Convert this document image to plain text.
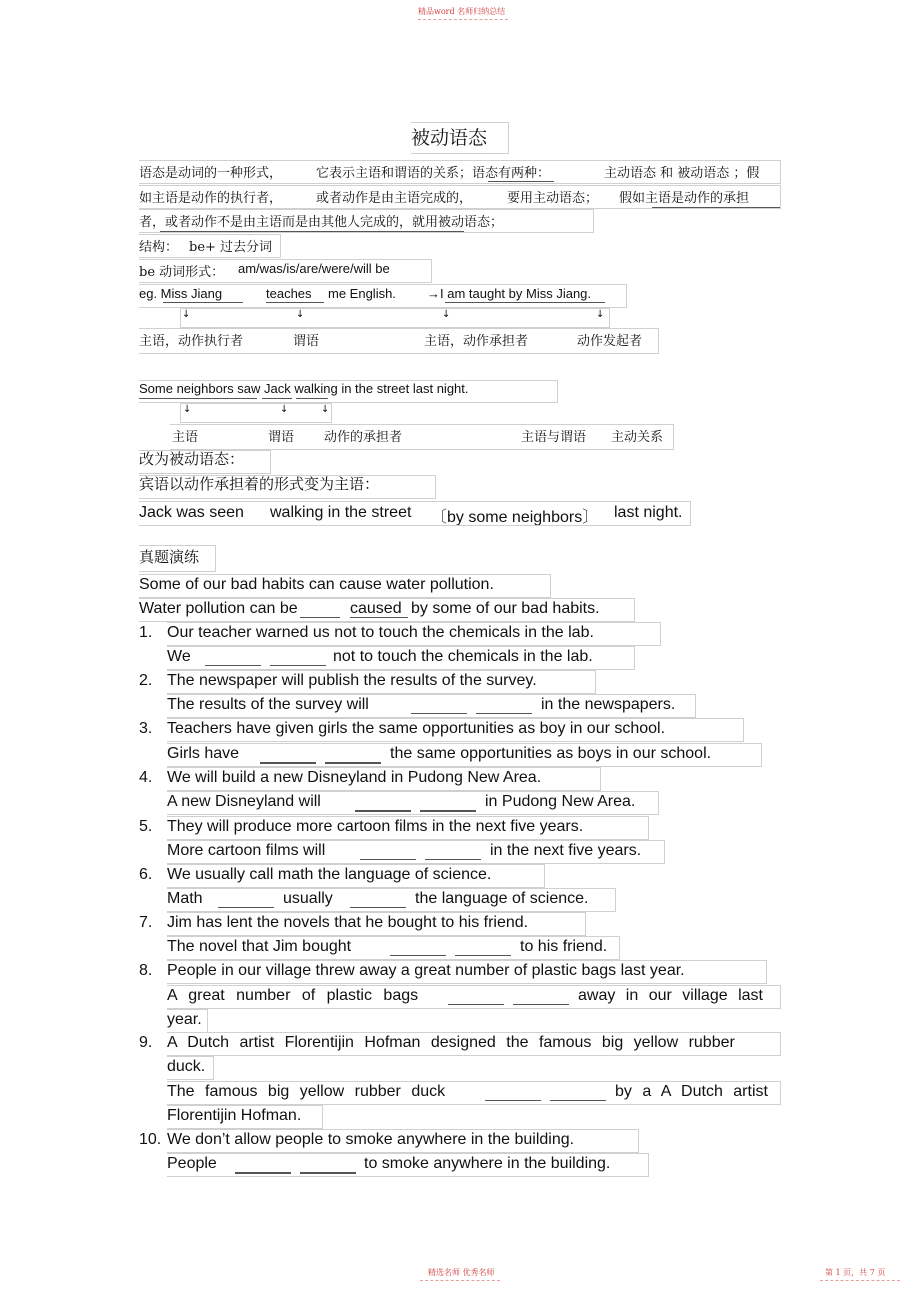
精品word 名师归纳总结
被动语态
语态是动词的一种形式，	它表示主语和谓语的关系；语态有两种：	主动语态 和 被动语态 ；假
如主语是动作的执行者，	或者动作是由主语完成的，	要用主动语态； 假如主语是动作的承担
者，或者动作不是由主语而是由其他人完成的，就用被动语态；
结构： be+ 过去分词
be 动词形式： am/was/is/are/were/will be
eg. Miss Jiang	teaches me English. →I am taught by Miss Jiang.
↓	↓	↓	↓
主语，动作执行者	谓语	主语，动作承担者	动作发起者
Some neighbors saw Jack walking in the street last night.
↓	↓	↓
主语	谓语 动作的承担者	主语与谓语 主动关系
改为被动语态：
宾语以动作承担着的形式变为主语：
Jack was seen walking in the street 〔by some neighbors〕 last night.
真题演练
Some of our bad habits can cause water pollution.
Water pollution can be	caused by some of our bad habits.
1. Our teacher warned us not to touch the chemicals in the lab.
We	not to touch the chemicals in the lab.
2. The newspaper will publish the results of the survey.
The results of the survey will	in the newspapers.
3. Teachers have given girls the same opportunities as boy in our school.
Girls have	the same opportunities as boys in our school.
4. We will build a new Disneyland in Pudong New Area.
A new Disneyland will	in Pudong New Area.
5. They will produce more cartoon films in the next five years.
More cartoon films will	in the next five years.
6. We usually call math the language of science.
Math	usually	the language of science.
7. Jim has lent the novels that he bought to his friend.
The novel that Jim bought	to his friend.
8. People in our village threw away a great number of plastic bags last year.
A great number of plastic bags	away in our village last
year.
9. A Dutch artist Florentijin Hofman designed the famous big yellow rubber
duck.
The famous big yellow rubber duck	by a A Dutch artist
Florentijin Hofman.
10. We don’t allow people to smoke anywhere in the building.
People	to smoke anywhere in the building.
精选名师 优秀名师	第 1 页，共 7 页
